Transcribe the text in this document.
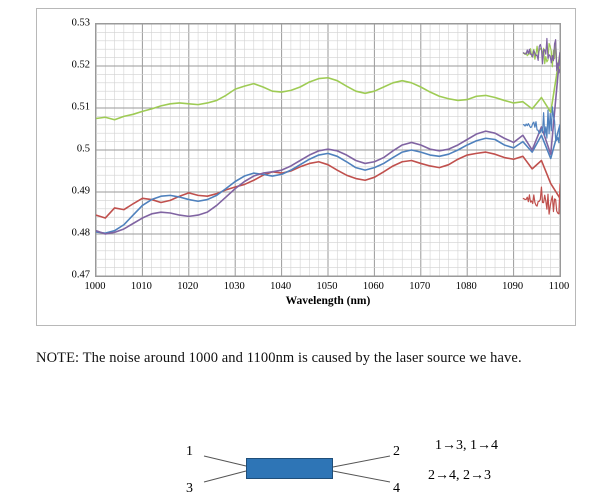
0.47
0.48
0.49
0.5
0.51
0.52
0.53
1000 1010 1020 1030 1040 1050 1060 1070 1080 1090 1100
Wavelength (nm)
NOTE: The noise around 1000 and 1100nm is caused by the laser source we have.
1
3
2
4
1→3, 1→4
2→4, 2→3
